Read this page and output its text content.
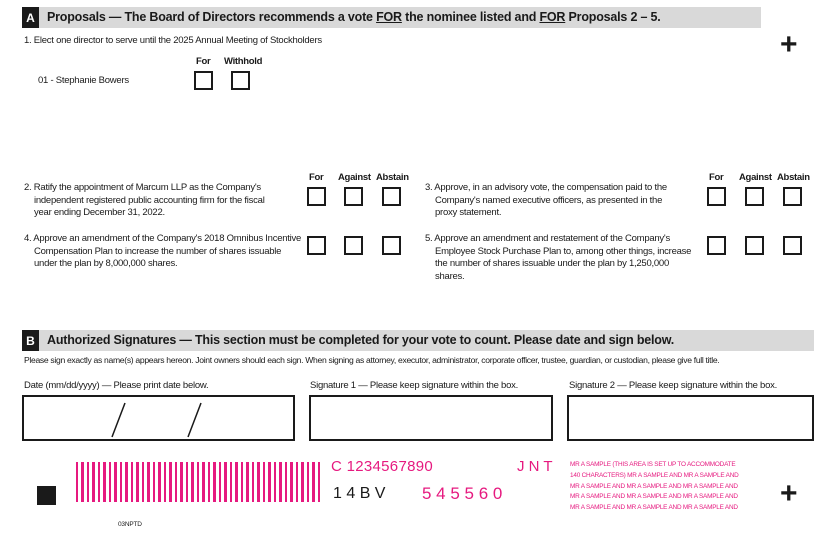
A Proposals — The Board of Directors recommends a vote FOR the nominee listed and FOR Proposals 2 – 5.
+
1. Elect one director to serve until the 2025 Annual Meeting of Stockholders
For Withhold
01 - Stephanie Bowers
For Against Abstain	For Against Abstain
2. Ratify the appointment of Marcum LLP as the Company's
independent registered public accounting firm for the fiscal
year ending December 31, 2022.
3. Approve, in an advisory vote, the compensation paid to the
Company's named executive officers, as presented in the
proxy statement.
4. Approve an amendment of the Company's 2018 Omnibus Incentive
Compensation Plan to increase the number of shares issuable
under the plan by 8,000,000 shares.
5. Approve an amendment and restatement of the Company's
Employee Stock Purchase Plan to, among other things, increase
the number of shares issuable under the plan by 1,250,000
shares.
B Authorized Signatures — This section must be completed for your vote to count. Please date and sign below.
Please sign exactly as name(s) appears hereon. Joint owners should each sign. When signing as attorney, executor, administrator, corporate officer, trustee, guardian, or custodian, please give full title.
Date (mm/dd/yyyy) — Please print date below.	Signature 1 — Please keep signature within the box.	Signature 2 — Please keep signature within the box.
C 1234567890	J N T
1 4 B V 5 4 5 5 6 0
MR A SAMPLE (THIS AREA IS SET UP TO ACCOMMODATE
140 CHARACTERS) MR A SAMPLE AND MR A SAMPLE AND
MR A SAMPLE AND MR A SAMPLE AND MR A SAMPLE AND
MR A SAMPLE AND MR A SAMPLE AND MR A SAMPLE AND
MR A SAMPLE AND MR A SAMPLE AND MR A SAMPLE AND +
03NPTD
